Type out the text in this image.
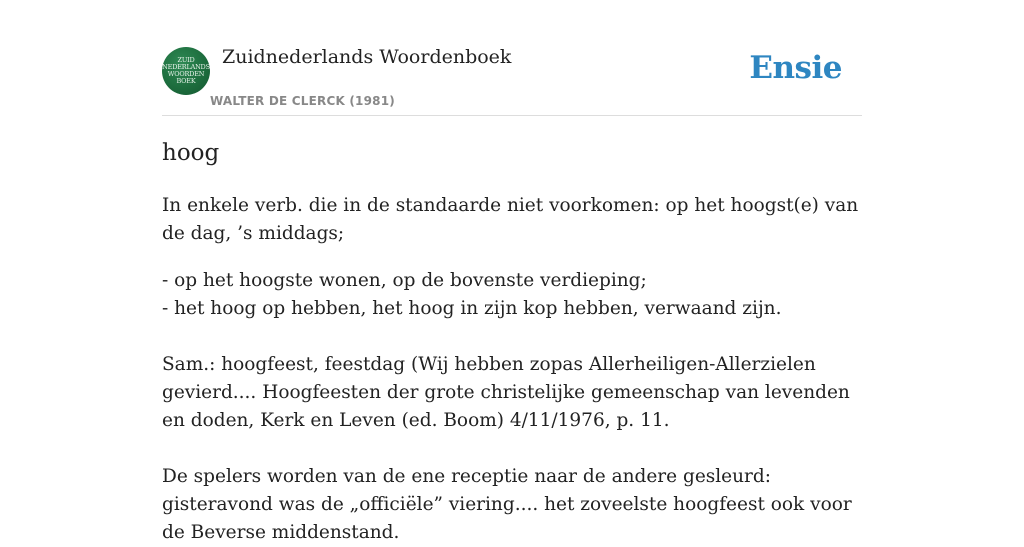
ZUID
NEDERLANDS
WOORDEN
BOEK
Zuidnederlands Woordenboek
WALTER DE CLERCK (1981)
Ensie
hoog

In enkele verb. die in de standaarde niet voorkomen: op het hoogst(e) van de dag, ’s middags;

- op het hoogste wonen, op de bovenste verdieping;

- het hoog op hebben, het hoog in zijn kop hebben, verwaand zijn.

Sam.: hoogfeest, feestdag (Wij hebben zopas Allerheiligen-Allerzielen gevierd.... Hoogfeesten der grote christelijke gemeenschap van levenden en doden, Kerk en Leven (ed. Boom) 4/11/1976, p. 11.

De spelers worden van de ene receptie naar de andere gesleurd: gisteravond was de „officiële” viering.... het zoveelste hoogfeest ook voor de Beverse middenstand.
